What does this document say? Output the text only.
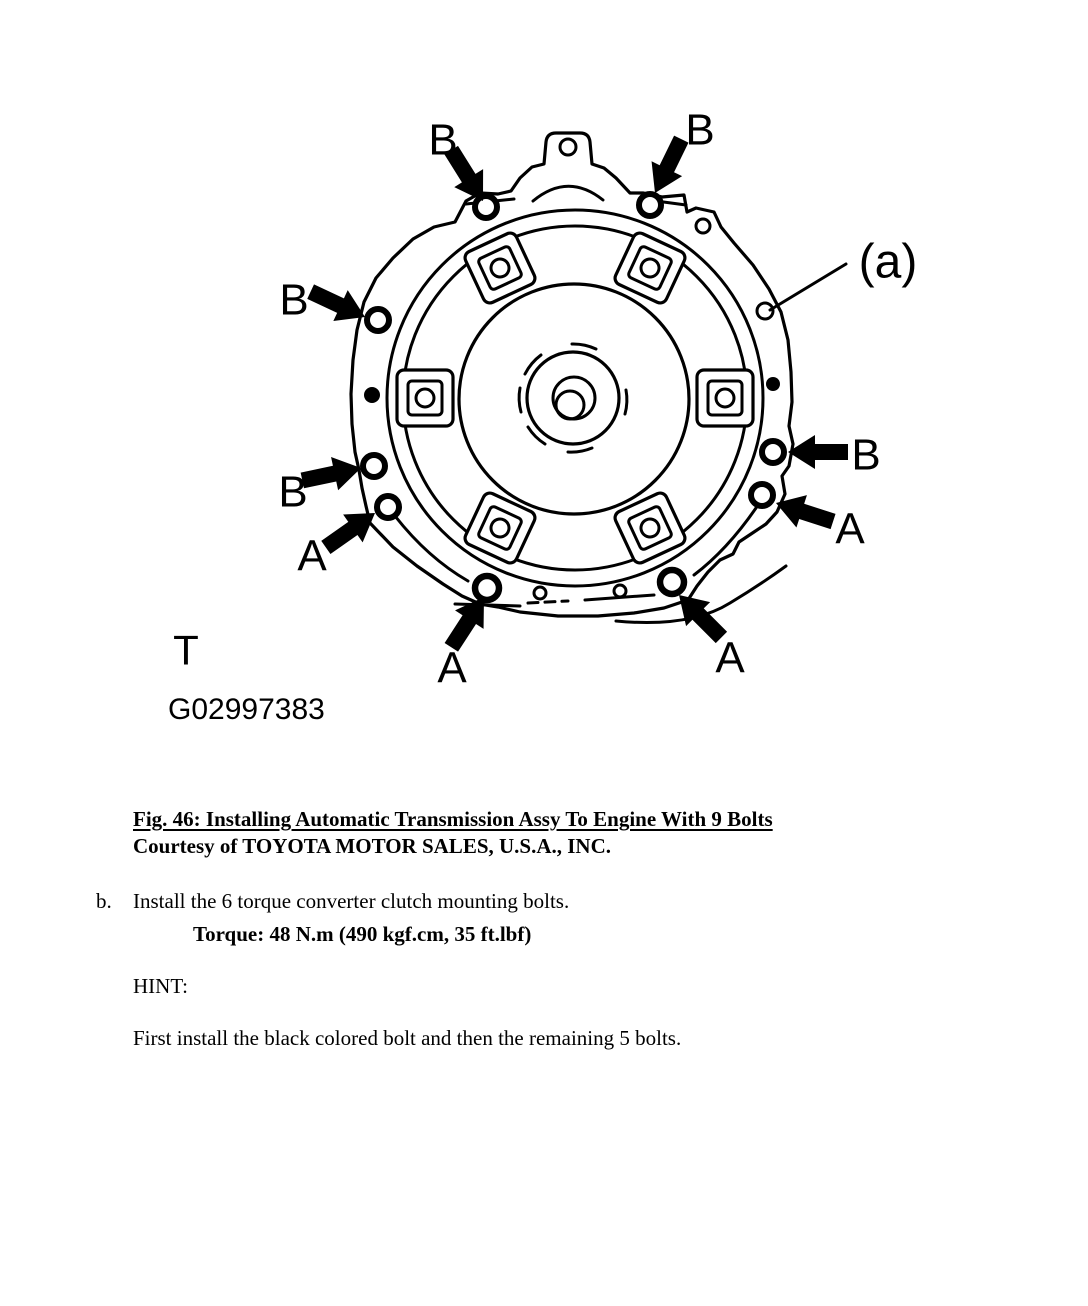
B	B
B
B
A
B
A
A	A
(a)
T
G02997383
Fig. 46: Installing Automatic Transmission Assy To Engine With 9 Bolts
Courtesy of TOYOTA MOTOR SALES, U.S.A., INC.
b. Install the 6 torque converter clutch mounting bolts.
Torque: 48 N.m (490 kgf.cm, 35 ft.lbf)
HINT:
First install the black colored bolt and then the remaining 5 bolts.
